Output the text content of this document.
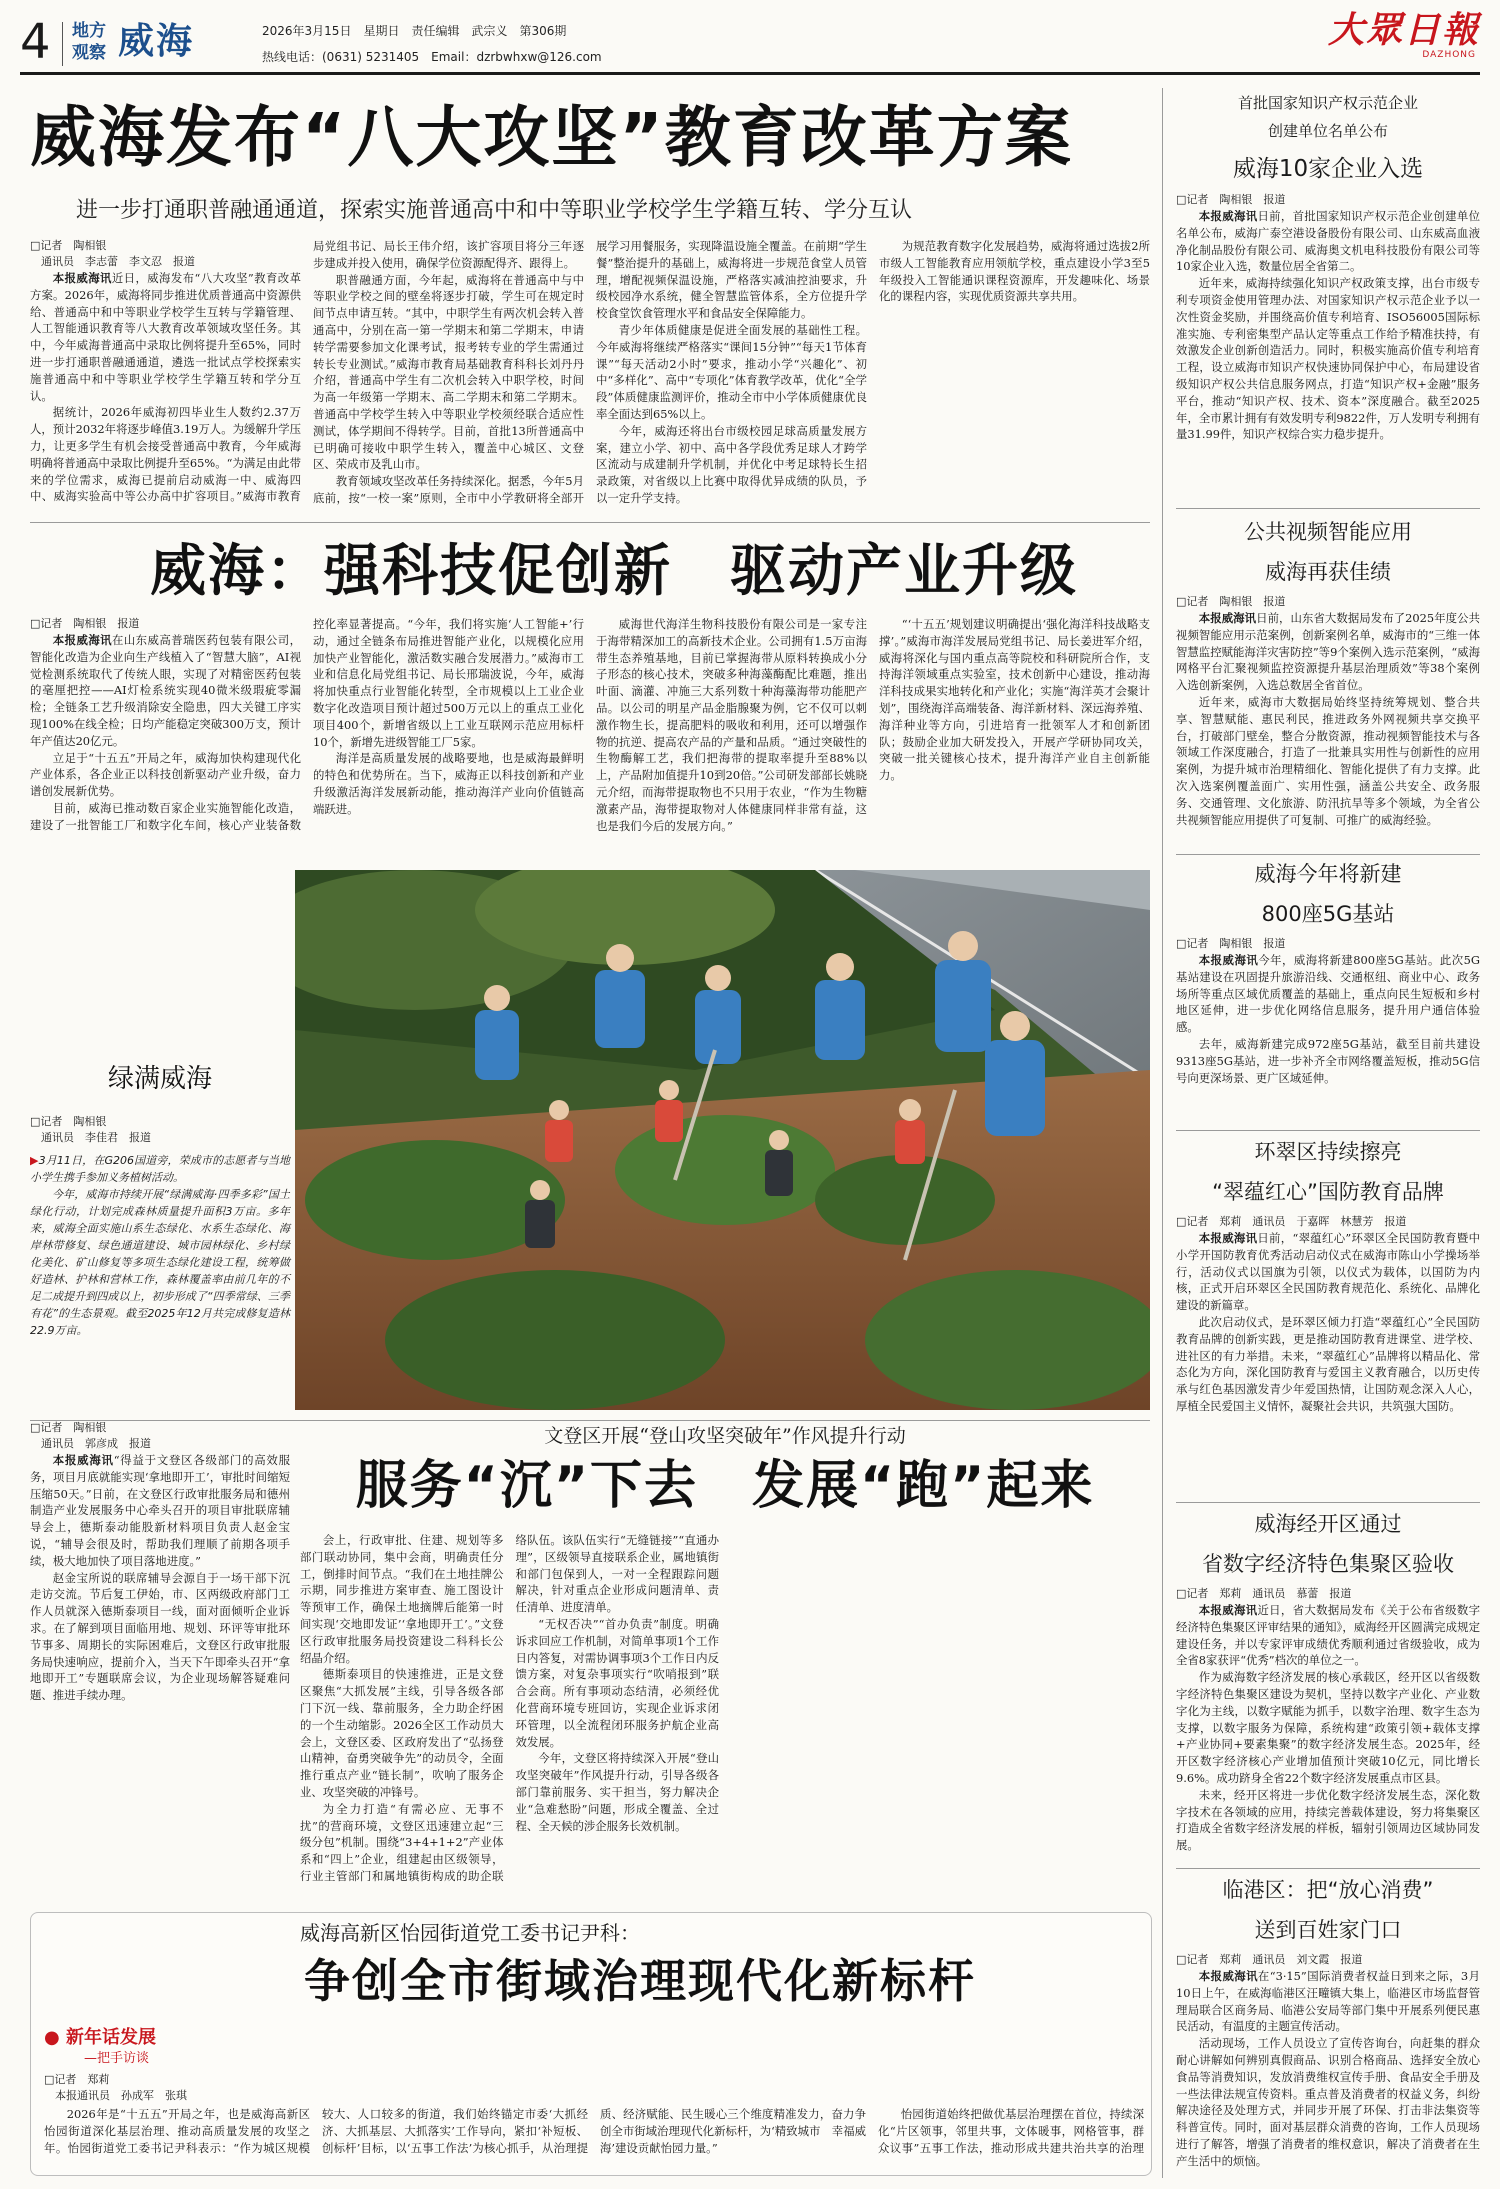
4 地方
观察 威海	2026年3月15日　星期日　责任编辑　武宗义　第306期
热线电话：(0631) 5231405　Email：dzrbwhxw@126.com
大眾日報
DAZHONG
威海发布“八大攻坚”教育改革方案
进一步打通职普融通通道，探索实施普通高中和中等职业学校学生学籍互转、学分互认
□记者　陶相银
　通讯员　李志蕾　李文忍　报道

本报威海讯近日，威海发布“八大攻坚”教育改革方案。2026年，威海将同步推进优质普通高中资源供给、普通高中和中等职业学校学生互转与学籍管理、人工智能通识教育等八大教育改革领域攻坚任务。其中，今年威海普通高中录取比例将提升至65%，同时进一步打通职普融通通道，遴选一批试点学校探索实施普通高中和中等职业学校学生学籍互转和学分互认。

据统计，2026年威海初四毕业生人数约2.37万人，预计2032年将逐步峰值3.19万人。为缓解升学压力，让更多学生有机会接受普通高中教育，今年威海明确将普通高中录取比例提升至65%。“为满足由此带来的学位需求，威海已提前启动威海一中、威海四中、威海实验高中等公办高中扩容项目。”威海市教育局党组书记、局长王伟介绍，该扩容项目将分三年逐步建成并投入使用，确保学位资源配得齐、跟得上。

职普融通方面，今年起，威海将在普通高中与中等职业学校之间的壁垒将逐步打破，学生可在规定时间节点申请互转。“其中，中职学生有两次机会转入普通高中，分别在高一第一学期末和第二学期末，申请转学需要参加文化课考试，报考转专业的学生需通过转长专业测试。”威海市教育局基础教育科科长刘丹丹介绍，普通高中学生有二次机会转入中职学校，时间为高一年级第一学期末、高二学期末和第二学期末。普通高中学校学生转入中等职业学校须经联合适应性测试，体学期间不得转学。目前，首批13所普通高中已明确可接收中职学生转入，覆盖中心城区、文登区、荣成市及乳山市。

教育领域攻坚改革任务持续深化。据悉，今年5月底前，按“一校一案”原则，全市中小学教研将全部开展学习用餐服务，实现降温设施全覆盖。在前期“学生餐”整治提升的基础上，威海将进一步规范食堂人员管理，增配视频保温设施，严格落实减油控油要求，升级校园净水系统，健全智慧监管体系，全方位提升学校食堂饮食管理水平和食品安全保障能力。

青少年体质健康是促进全面发展的基础性工程。今年威海将继续严格落实“课间15分钟”“每天1节体育课”“每天活动2小时”要求，推动小学“兴趣化”、初中“多样化”、高中“专项化”体育教学改革，优化“全学段”体质健康监测评价，推动全市中小学体质健康优良率全面达到65%以上。

今年，威海还将出台市级校园足球高质量发展方案，建立小学、初中、高中各学段优秀足球人才跨学区流动与成建制升学机制，并优化中考足球特长生招录政策，对省级以上比赛中取得优异成绩的队员，予以一定升学支持。

为规范教育数字化发展趋势，威海将通过选拔2所市级人工智能教育应用领航学校，重点建设小学3至5年级投入工智能通识课程资源库，开发趣味化、场景化的课程内容，实现优质资源共享共用。

威海：强科技促创新　驱动产业升级
□记者　陶相银　报道

本报威海讯在山东威高普瑞医药包装有限公司，智能化改造为企业向生产线植入了“智慧大脑”，AI视觉检测系统取代了传统人眼，实现了对精密医药包装的毫厘把控——AI灯检系统实现40微米级瑕疵零漏检；全链条工艺升级消除安全隐患，四大关键工序实现100%在线全检；日均产能稳定突破300万支，预计年产值达20亿元。

立足于“十五五”开局之年，威海加快构建现代化产业体系，各企业正以科技创新驱动产业升级，奋力谱创发展新优势。

目前，威海已推动数百家企业实施智能化改造，建设了一批智能工厂和数字化车间，核心产业装备数控化率显著提高。“今年，我们将实施‘人工智能+’行动，通过全链条布局推进智能产业化，以规模化应用加快产业智能化，激活数实融合发展潜力。”威海市工业和信息化局党组书记、局长邢瑞波说，今年，威海将加快重点行业智能化转型，全市规模以上工业企业数字化改造项目预计超过500万元以上的重点工业化项目400个，新增省级以上工业互联网示范应用标杆10个，新增先进级智能工厂5家。

海洋是高质量发展的战略要地，也是威海最鲜明的特色和优势所在。当下，威海正以科技创新和产业升级激活海洋发展新动能，推动海洋产业向价值链高端跃进。

威海世代海洋生物科技股份有限公司是一家专注于海带精深加工的高新技术企业。公司拥有1.5万亩海带生态养殖基地，目前已掌握海带从原料转换成小分子形态的核心技术，突破多种海藻酶配比难题，推出叶面、滴灌、冲施三大系列数十种海藻海带功能肥产品。以公司的明星产品金脂腺聚为例，它不仅可以刺激作物生长，提高肥料的吸收和利用，还可以增强作物的抗逆、提高农产品的产量和品质。“通过突破性的生物酶解工艺，我们把海带的提取率提升至88%以上，产品附加值提升10到20倍。”公司研发部部长姚晓元介绍，而海带提取物也不只用于农业，“作为生物糖激素产品，海带提取物对人体健康同样非常有益，这也是我们今后的发展方向。”

“‘十五五’规划建议明确提出‘强化海洋科技战略支撑’。”威海市海洋发展局党组书记、局长姜进军介绍，威海将深化与国内重点高等院校和科研院所合作，支持海洋领域重点实验室，技术创新中心建设，推动海洋科技成果实地转化和产业化；实施“海洋英才会聚计划”，围绕海洋高端装备、海洋新材料、深远海养殖、海洋种业等方向，引进培育一批领军人才和创新团队；鼓励企业加大研发投入，开展产学研协同攻关，突破一批关键核心技术，提升海洋产业自主创新能力。

绿满威海
□记者　陶相银
　通讯员　李佳君　报道

▶3月11日，在G206国道旁，荣成市的志愿者与当地小学生携手参加义务植树活动。

今年，威海市持续开展“绿满威海·四季多彩”国土绿化行动，计划完成森林质量提升面积3万亩。多年来，威海全面实施山系生态绿化、水系生态绿化、海岸林带修复、绿色通道建设、城市园林绿化、乡村绿化美化、矿山修复等多项生态绿化建设工程，统筹做好造林、护林和营林工作，森林覆盖率由前几年的不足二成提升到四成以上，初步形成了“四季常绿、三季有花”的生态景观。截至2025年12月共完成修复造林22.9万亩。

□记者　陶相银
　通讯员　郭彦成　报道

本报威海讯“得益于文登区各级部门的高效服务，项目月底就能实现‘拿地即开工’，审批时间缩短压缩50天。”日前，在文登区行政审批服务局和德州制造产业发展服务中心牵头召开的项目审批联席辅导会上，德斯泰动能股新材料项目负责人赵金宝说，“辅导会很及时，帮助我们理顺了前期各项手续，极大地加快了项目落地进度。”

赵金宝所说的联席辅导会源自于一场干部下沉走访交流。节后复工伊始，市、区两级政府部门工作人员就深入德斯泰项目一线，面对面倾听企业诉求。在了解到项目面临用地、规划、环评等审批环节事多、周期长的实际困难后，文登区行政审批服务局快速响应，提前介入，当天下午即牵头召开“拿地即开工”专题联席会议，为企业现场解答疑难问题、推进手续办理。

文登区开展“登山攻坚突破年”作风提升行动
服务“沉”下去　发展“跑”起来

会上，行政审批、住建、规划等多部门联动协同，集中会商，明确责任分工，倒排时间节点。“我们在土地挂牌公示期，同步推进方案审查、施工图设计等预审工作，确保土地摘牌后能第一时间实现‘交地即发证’‘拿地即开工’。”文登区行政审批服务局投资建设二科科长公绍晶介绍。

德斯泰项目的快速推进，正是文登区聚焦“大抓发展”主线，引导各级各部门下沉一线、靠前服务，全力助企纾困的一个生动缩影。2026全区工作动员大会上，文登区委、区政府发出了“弘扬登山精神，奋勇突破争先”的动员令，全面推行重点产业“链长制”，吹响了服务企业、攻坚突破的冲锋号。

为全力打造“有需必应、无事不扰”的营商环境，文登区迅速建立起“三级分包”机制。围绕“3+4+1+2”产业体系和“四上”企业，组建起由区级领导，行业主管部门和属地镇街构成的助企联络队伍。该队伍实行“无缝链接”“直通办理”，区级领导直接联系企业，属地镇街和部门包保到人，一对一全程跟踪问题解决，针对重点企业形成问题清单、责任清单、进度清单。

“无权否决”“首办负责”制度。明确诉求回应工作机制，对简单事项1个工作日内答复，对需协调事项3个工作日内反馈方案，对复杂事项实行“吹哨报到”联合会商。所有事项动态结清，必须经优化营商环境专班回访，实现企业诉求闭环管理，以全流程闭环服务护航企业高效发展。

今年，文登区将持续深入开展“登山攻坚突破年”作风提升行动，引导各级各部门靠前服务、实干担当，努力解决企业“急难愁盼”问题，形成全覆盖、全过程、全天候的涉企服务长效机制。

威海高新区怡园街道党工委书记尹科：
争创全市街域治理现代化新标杆
● 新年话发展
—把手访谈
□记者　郑莉
　本报通讯员　孙成军　张琪

2026年是“十五五”开局之年，也是威海高新区怡园街道深化基层治理、推动高质量发展的攻坚之年。怡园街道党工委书记尹科表示：“作为城区规模较大、人口较多的街道，我们始终锚定市委‘大抓经济、大抓基层、大抓落实’工作导向，紧扣‘补短板、创标杆’目标，以‘五事工作法’为核心抓手，从治理提质、经济赋能、民生暖心三个维度精准发力，奋力争创全市街域治理现代化新标杆，为‘精致城市　幸福威海’建设贡献怡园力量。”

怡园街道始终把做优基层治理摆在首位，持续深化“片区领事，邻里共事，文体暖事，网格管事，群众议事”五事工作法，推动形成共建共治共享的治理

首批国家知识产权示范企业
创建单位名单公布
威海10家企业入选
□记者　陶相银　报道

本报威海讯日前，首批国家知识产权示范企业创建单位名单公布，威海广泰空港设备股份有限公司、山东威高血液净化制品股份有限公司、威海奥文机电科技股份有限公司等10家企业入选，数量位居全省第二。

近年来，威海持续强化知识产权政策支撑，出台市级专利专项资金使用管理办法、对国家知识产权示范企业予以一次性资金奖励，并围绕高价值专利培育、ISO56005国际标准实施、专利密集型产品认定等重点工作给予精准扶持，有效激发企业创新创造活力。同时，积极实施高价值专利培育工程，设立威海市知识产权快速协同保护中心，布局建设省级知识产权公共信息服务网点，打造“知识产权+金融”服务平台，推动“知识产权、技术、资本”深度融合。截至2025年，全市累计拥有有效发明专利9822件，万人发明专利拥有量31.99件，知识产权综合实力稳步提升。

公共视频智能应用
威海再获佳绩
□记者　陶相银　报道

本报威海讯日前，山东省大数据局发布了2025年度公共视频智能应用示范案例，创新案例名单，威海市的“三维一体智慧监控赋能海洋灾害防控”等9个案例入选示范案例，“威海网格平台汇聚视频监控资源提升基层治理质效”等38个案例入选创新案例，入选总数居全省首位。

近年来，威海市大数据局始终坚持统筹规划、整合共享、智慧赋能、惠民利民，推进政务外网视频共享交换平台，打破部门壁垒，整合分散资源，推动视频智能技术与各领域工作深度融合，打造了一批兼具实用性与创新性的应用案例，为提升城市治理精细化、智能化提供了有力支撑。此次入选案例覆盖面广、实用性强，涵盖公共安全、政务服务、交通管理、文化旅游、防汛抗旱等多个领域，为全省公共视频智能应用提供了可复制、可推广的威海经验。

威海今年将新建
800座5G基站
□记者　陶相银　报道

本报威海讯今年，威海将新建800座5G基站。此次5G基站建设在巩固提升旅游沿线、交通枢纽、商业中心、政务场所等重点区域优质覆盖的基础上，重点向民生短板和乡村地区延伸，进一步优化网络信息服务，提升用户通信体验感。

去年，威海新建完成972座5G基站，截至目前共建设9313座5G基站，进一步补齐全市网络覆盖短板，推动5G信号向更深场景、更广区域延伸。

环翠区持续擦亮
“翠蕴红心”国防教育品牌
□记者　郑莉　通讯员　于嘉晖　林慧芳　报道

本报威海讯日前，“翠蕴红心”环翠区全民国防教育暨中小学开国防教育优秀活动启动仪式在威海市陈山小学操场举行，活动仪式以国旗为引领，以仪式为载体，以国防为内核，正式开启环翠区全民国防教育规范化、系统化、品牌化建设的新篇章。

此次启动仪式，是环翠区倾力打造“翠蕴红心”全民国防教育品牌的创新实践，更是推动国防教育进课堂、进学校、进社区的有力举措。未来，“翠蕴红心”品牌将以精品化、常态化为方向，深化国防教育与爱国主义教育融合，以历史传承与红色基因激发青少年爱国热情，让国防观念深入人心，厚植全民爱国主义情怀，凝聚社会共识，共筑强大国防。

威海经开区通过
省数字经济特色集聚区验收
□记者　郑莉　通讯员　慕蕾　报道

本报威海讯近日，省大数据局发布《关于公布省级数字经济特色集聚区评审结果的通知》，威海经开区圆满完成规定建设任务，并以专家评审成绩优秀顺利通过省级验收，成为全省8家获评“优秀”档次的单位之一。

作为威海数字经济发展的核心承载区，经开区以省级数字经济特色集聚区建设为契机，坚持以数字产业化、产业数字化为主线，以数字赋能为抓手，以数字治理、数字生态为支撑，以数字服务为保障，系统构建“政策引领+载体支撑+产业协同+要素集聚”的数字经济发展生态。2025年，经开区数字经济核心产业增加值预计突破10亿元，同比增长9.6%。成功跻身全省22个数字经济发展重点市区县。

未来，经开区将进一步优化数字经济发展生态，深化数字技术在各领域的应用，持续完善载体建设，努力将集聚区打造成全省数字经济发展的样板，辐射引领周边区域协同发展。

临港区：把“放心消费”
送到百姓家门口
□记者　郑莉　通讯员　刘文霞　报道

本报威海讯在“3·15”国际消费者权益日到来之际，3月10日上午，在威海临港区汪疃镇大集上，临港区市场监督管理局联合区商务局、临港公安局等部门集中开展系列便民惠民活动，有温度的主题宣传活动。

活动现场，工作人员设立了宣传咨询台，向赶集的群众耐心讲解如何辨别真假商品、识别合格商品、选择安全放心食品等消费知识，发放消费维权宣传手册、食品安全手册及一些法律法规宣传资料。重点普及消费者的权益义务，纠纷解决途径及处理方式，并同步开展了环保、打击非法集资等科普宣传。同时，面对基层群众消费的咨询，工作人员现场进行了解答，增强了消费者的维权意识，解决了消费者在生产生活中的烦恼。
